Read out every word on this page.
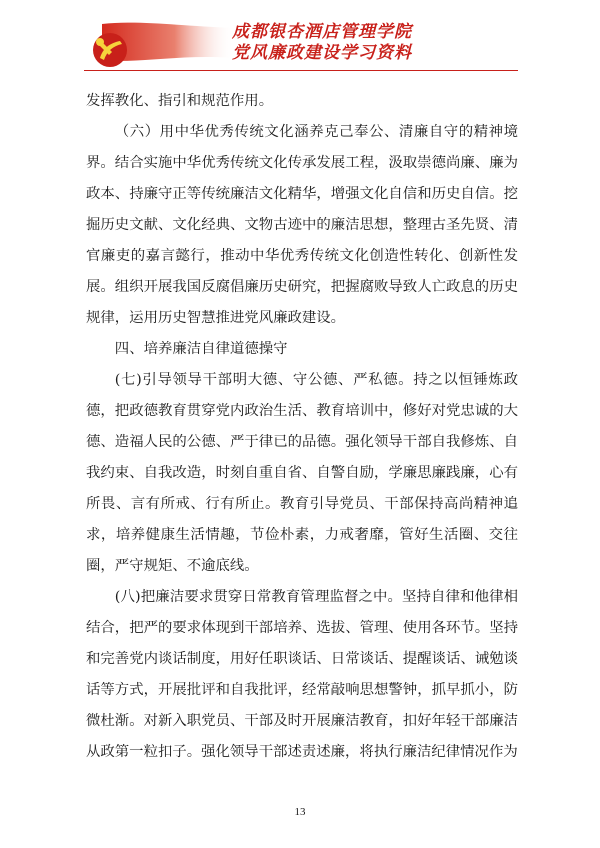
成都银杏酒店管理学院
党风廉政建设学习资料

发挥教化、指引和规范作用。

（六）用中华优秀传统文化涵养克己奉公、清廉自守的精神境界。结合实施中华优秀传统文化传承发展工程，汲取崇德尚廉、廉为政本、持廉守正等传统廉洁文化精华，增强文化自信和历史自信。挖掘历史文献、文化经典、文物古迹中的廉洁思想，整理古圣先贤、清官廉吏的嘉言懿行，推动中华优秀传统文化创造性转化、创新性发展。组织开展我国反腐倡廉历史研究，把握腐败导致人亡政息的历史规律，运用历史智慧推进党风廉政建设。

四、培养廉洁自律道德操守

(七)引导领导干部明大德、守公德、严私德。持之以恒锤炼政德，把政德教育贯穿党内政治生活、教育培训中，修好对党忠诚的大德、造福人民的公德、严于律已的品德。强化领导干部自我修炼、自我约束、自我改造，时刻自重自省、自警自励，学廉思廉践廉，心有所畏、言有所戒、行有所止。教育引导党员、干部保持高尚精神追求，培养健康生活情趣，节俭朴素，力戒奢靡，管好生活圈、交往圈，严守规矩、不逾底线。

(八)把廉洁要求贯穿日常教育管理监督之中。坚持自律和他律相结合，把严的要求体现到干部培养、选拔、管理、使用各环节。坚持和完善党内谈话制度，用好任职谈话、日常谈话、提醒谈话、诫勉谈话等方式，开展批评和自我批评，经常敲响思想警钟，抓早抓小，防微杜渐。对新入职党员、干部及时开展廉洁教育，扣好年轻干部廉洁从政第一粒扣子。强化领导干部述责述廉，将执行廉洁纪律情况作为

13
